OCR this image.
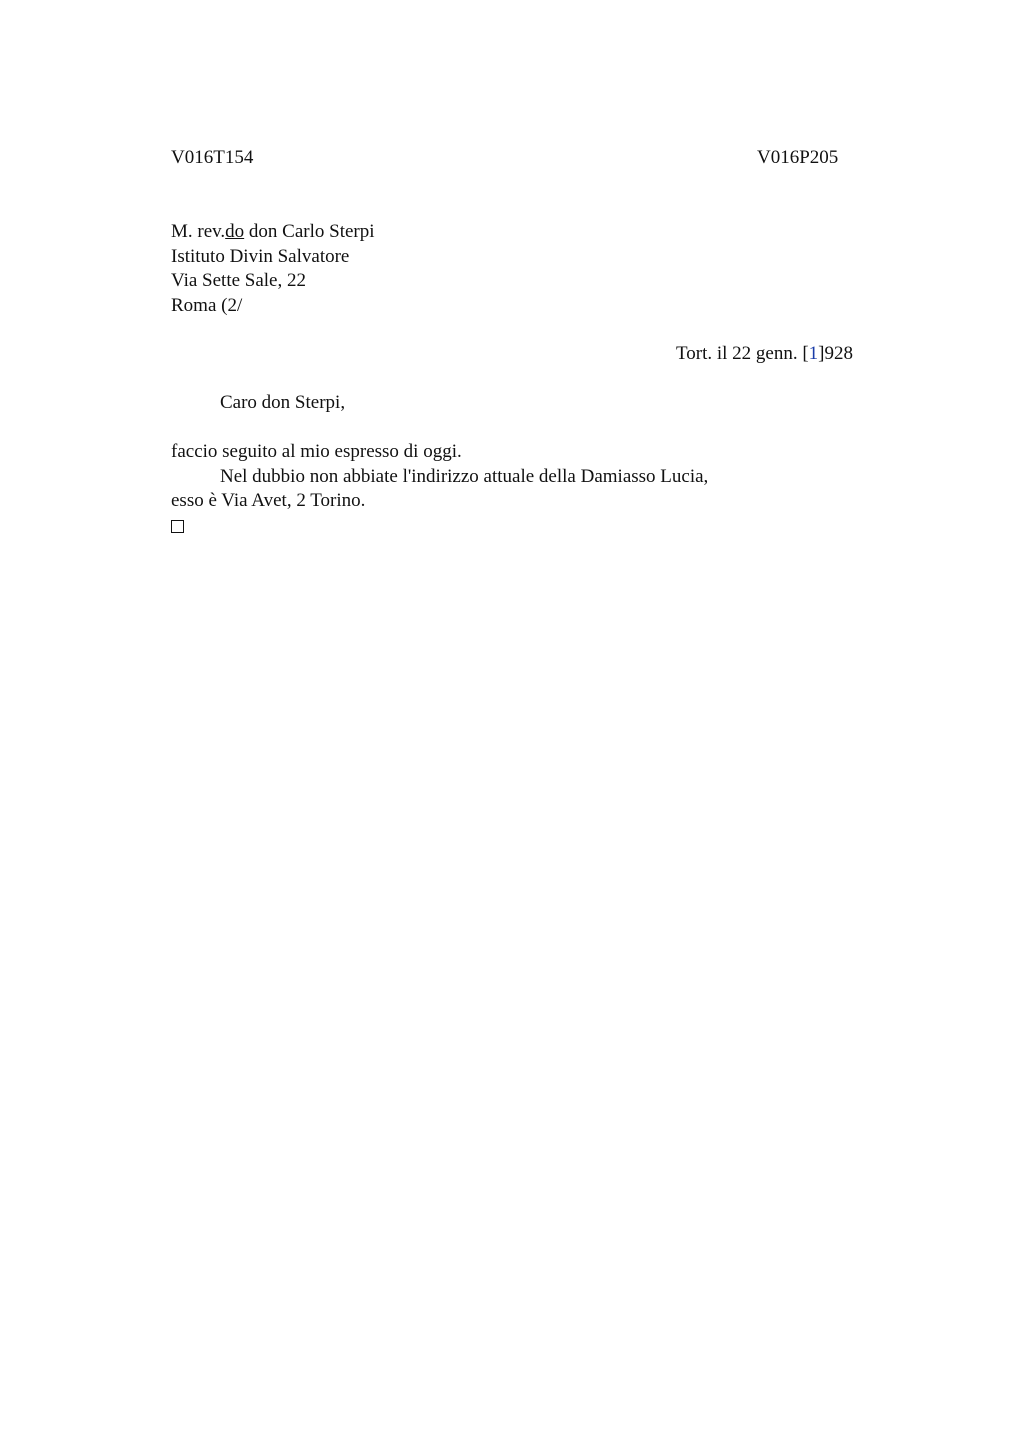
V016T154	V016P205
M. rev.do don Carlo Sterpi
Istituto Divin Salvatore
Via Sette Sale, 22
Roma (2/
Tort. il 22 genn. [1]928
Caro don Sterpi,
faccio seguito al mio espresso di oggi.
Nel dubbio non abbiate l'indirizzo attuale della Damiasso Lucia,
esso è Via Avet, 2 Torino.
